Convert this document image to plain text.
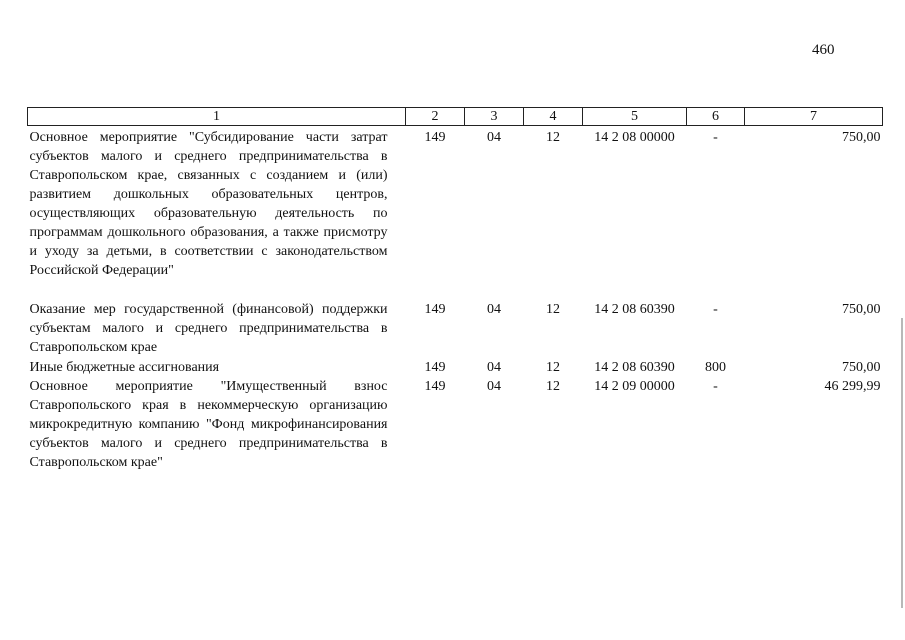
460
1	2	3	4	5	6	7
Основное мероприятие "Субсидирование части затрат субъектов малого и среднего предпринимательства в Ставропольском крае, связанных с созданием и (или) развитием дошкольных образовательных центров, осуществляющих образовательную деятельность по программам дошкольного образования, а также присмотру и уходу за детьми, в соответствии с законодательством Российской Федерации"	149	04	12	14 2 08 00000	-	750,00
Оказание мер государственной (финансовой) поддержки субъектам малого и среднего предпринимательства в Ставропольском крае	149	04	12	14 2 08 60390	-	750,00
Иные бюджетные ассигнования	149	04	12	14 2 08 60390	800	750,00
Основное мероприятие "Имущественный взнос Ставропольского края в некоммерческую организацию микрокредитную компанию "Фонд микрофинансирования субъектов малого и среднего предпринимательства в Ставропольском крае"	149	04	12	14 2 09 00000	-	46 299,99
